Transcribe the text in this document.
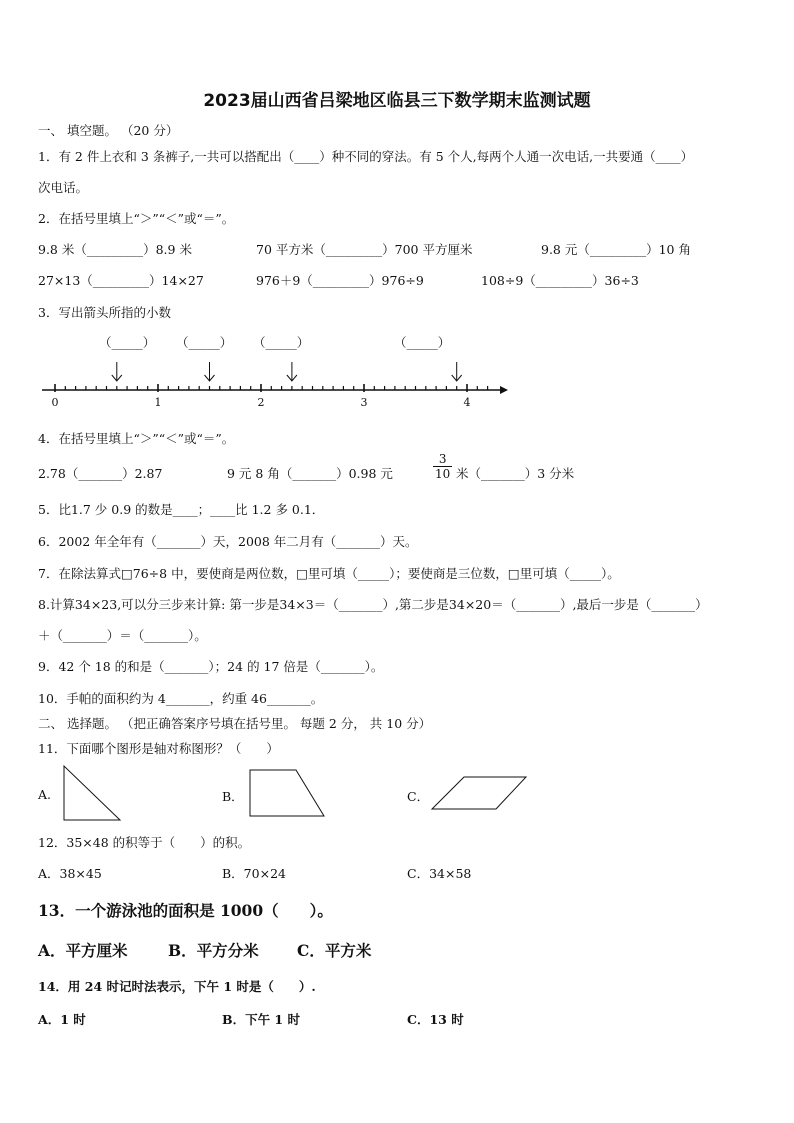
2023届山西省吕梁地区临县三下数学期末监测试题
一、 填空题。 （20 分）
1．有 2 件上衣和 3 条裤子,一共可以搭配出（____）种不同的穿法。有 5 个人,每两个人通一次电话,一共要通（____）
次电话。
2．在括号里填上“＞”“＜”或“＝”。
9.8 米（_________）8.9 米	70 平方米（_________）700 平方厘米	9.8 元（_________）10 角
27×13（_________）14×27	976＋9（_________）976÷9	108÷9（_________）36÷3
3．写出箭头所指的小数
（_____） （_____） （_____）	（_____）
0	1	2	3	4
4．在括号里填上“＞”“＜”或“＝”。
2.78（_______）2.87	9 元 8 角（_______）0.98 元	$\frac{3}{10}$ 米（_______）3 分米
5．比1.7 少 0.9 的数是____；____比 1.2 多 0.1．
6．2002 年全年有（_______）天，2008 年二月有（_______）天。
7．在除法算式□76÷8 中，要使商是两位数，□里可填（_____）；要使商是三位数，□里可填（_____）。
8.计算34×23,可以分三步来计算: 第一步是34×3＝（_______）,第二步是34×20＝（_______）,最后一步是（_______）
＋（_______）＝（_______）。
9．42 个 18 的和是（_______）；24 的 17 倍是（_______）。
10．手帕的面积约为 4_______，约重 46_______。
二、 选择题。 （把正确答案序号填在括号里。 每题 2 分， 共 10 分）
11．下面哪个图形是轴对称图形？（　　）
A.	B．	C．
12．35×48 的积等于（　　）的积。
A．38×45	B．70×24	C．34×58
13．一个游泳池的面积是 1000（　　）。
A．平方厘米	B．平方分米 C．平方米
14．用 24 时记时法表示，下午 1 时是（　　）.
A．1 时	B．下午 1 时	C．13 时
